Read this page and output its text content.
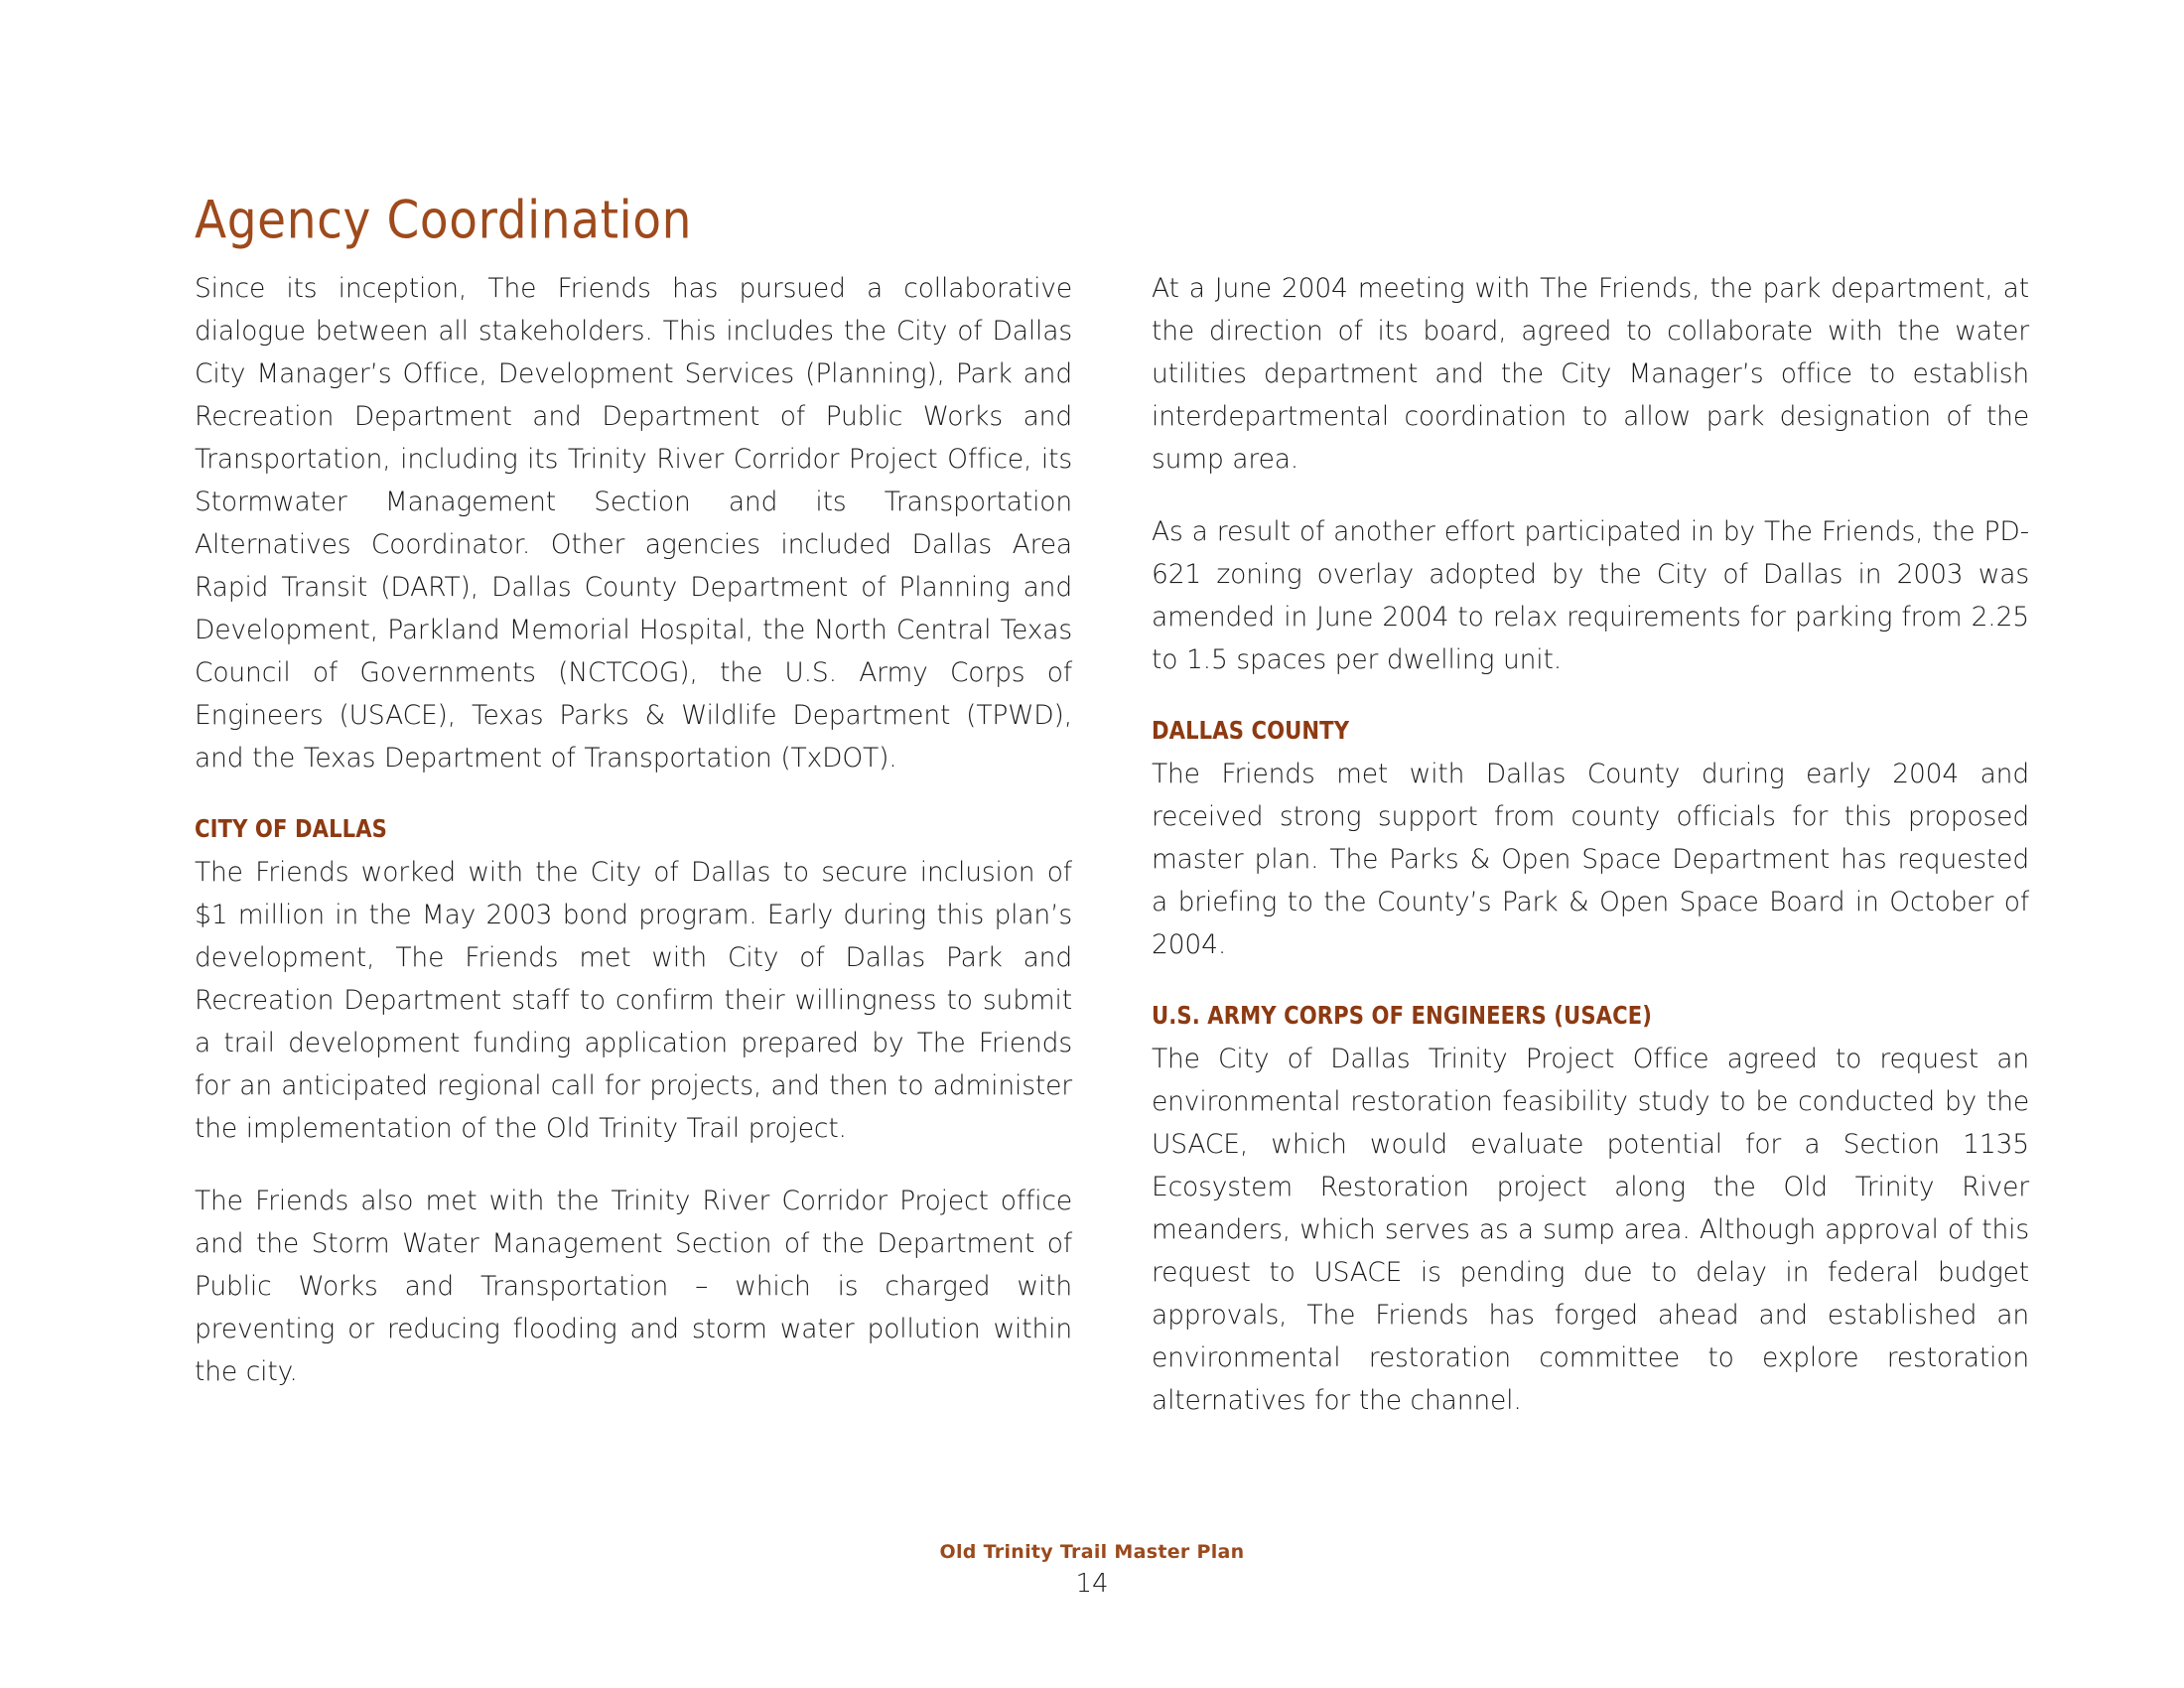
Agency Coordination

Since its inception, The Friends has pursued a collaborative dialogue between all stakeholders. This includes the City of Dallas City Manager’s Office, Development Services (Planning), Park and Recreation Department and Department of Public Works and Transportation, including its Trinity River Corridor Project Office, its Stormwater Management Section and its Transportation Alternatives Coordinator. Other agencies included Dallas Area Rapid Transit (DART), Dallas County Department of Planning and Development, Parkland Memorial Hospital, the North Central Texas Council of Governments (NCTCOG), the U.S. Army Corps of Engineers (USACE), Texas Parks & Wildlife Department (TPWD), and the Texas Department of Transportation (TxDOT).

CITY OF DALLAS

The Friends worked with the City of Dallas to secure inclusion of $1 million in the May 2003 bond program. Early during this plan’s development, The Friends met with City of Dallas Park and Recreation Department staff to confirm their willingness to submit a trail development funding application prepared by The Friends for an anticipated regional call for projects, and then to administer the implementation of the Old Trinity Trail project.

The Friends also met with the Trinity River Corridor Project office and the Storm Water Management Section of the Department of Public Works and Transportation – which is charged with preventing or reducing flooding and storm water pollution within the city.

At a June 2004 meeting with The Friends, the park department, at the direction of its board, agreed to collaborate with the water utilities department and the City Manager’s office to establish interdepartmental coordination to allow park designation of the sump area.

As a result of another effort participated in by The Friends, the PD-621 zoning overlay adopted by the City of Dallas in 2003 was amended in June 2004 to relax requirements for parking from 2.25 to 1.5 spaces per dwelling unit.

DALLAS COUNTY

The Friends met with Dallas County during early 2004 and received strong support from county officials for this proposed master plan. The Parks & Open Space Department has requested a briefing to the County’s Park & Open Space Board in October of 2004.

U.S. ARMY CORPS OF ENGINEERS (USACE)

The City of Dallas Trinity Project Office agreed to request an environmental restoration feasibility study to be conducted by the USACE, which would evaluate potential for a Section 1135 Ecosystem Restoration project along the Old Trinity River meanders, which serves as a sump area. Although approval of this request to USACE is pending due to delay in federal budget approvals, The Friends has forged ahead and established an environmental restoration committee to explore restoration alternatives for the channel.

Old Trinity Trail Master Plan
14
